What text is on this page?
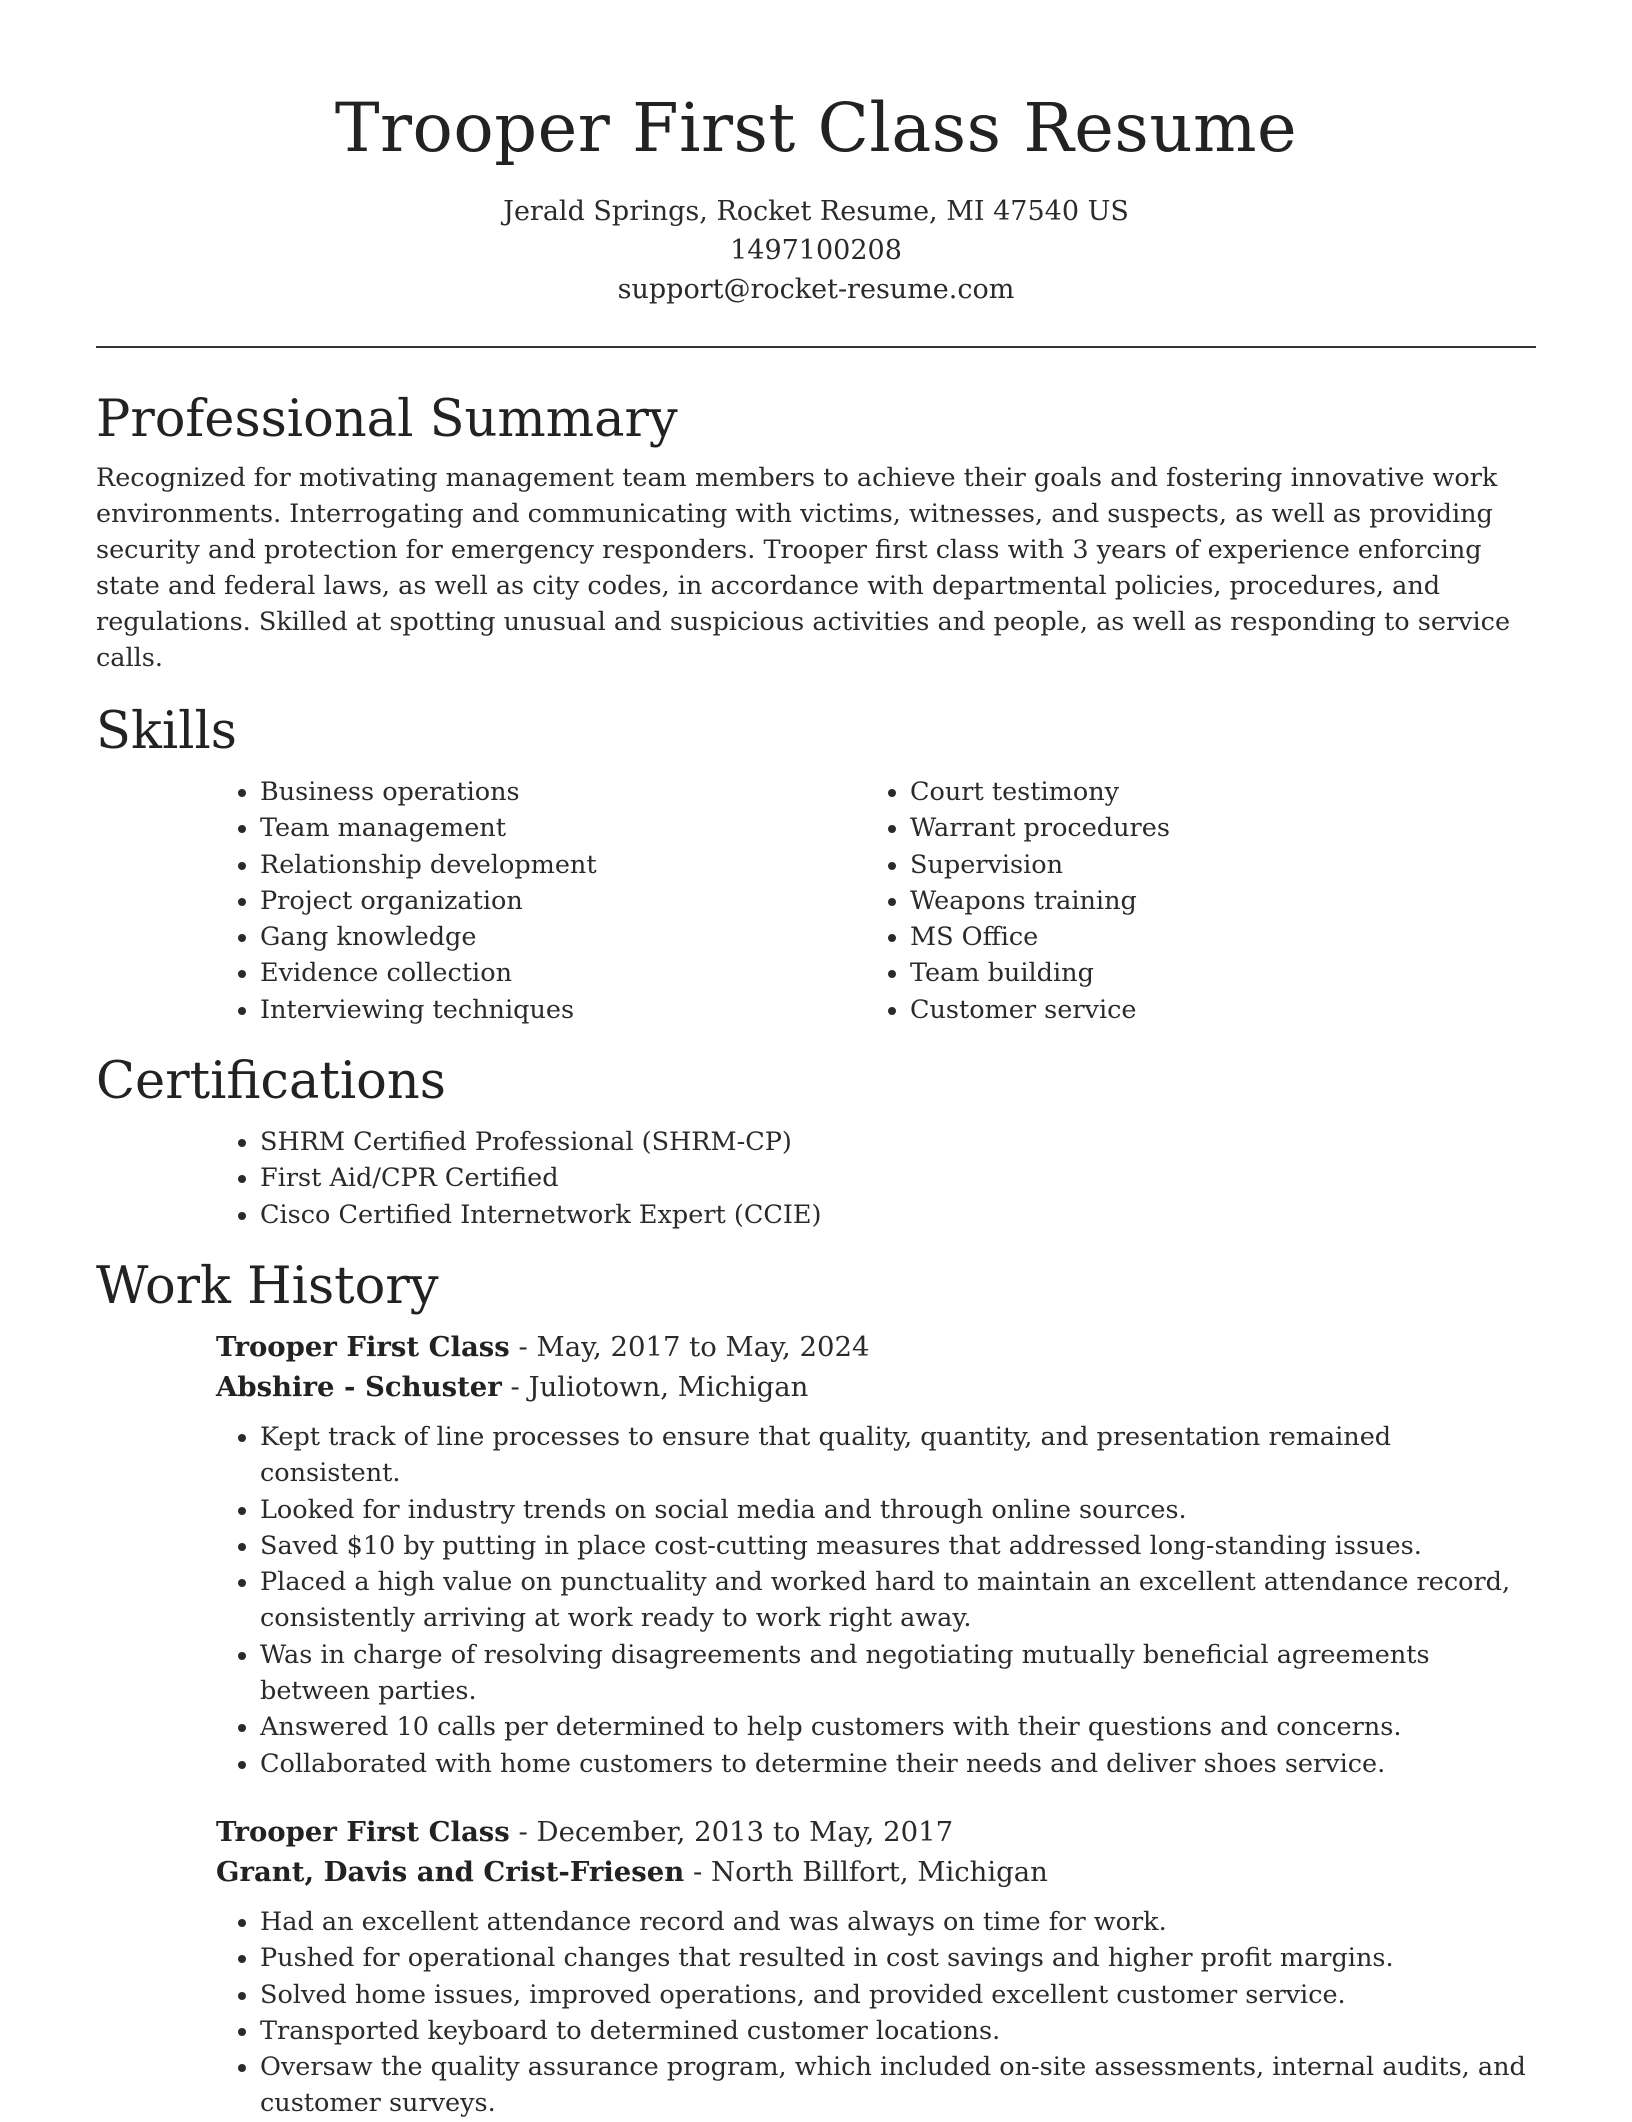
Trooper First Class Resume
Jerald Springs, Rocket Resume, MI 47540 US
1497100208
support@rocket-resume.com
Professional Summary

Recognized for motivating management team members to achieve their goals and fostering innovative work environments. Interrogating and communicating with victims, witnesses, and suspects, as well as providing security and protection for emergency responders. Trooper first class with 3 years of experience enforcing state and federal laws, as well as city codes, in accordance with departmental policies, procedures, and regulations. Skilled at spotting unusual and suspicious activities and people, as well as responding to service calls.

Skills
• Business operations
• Team management
• Relationship development
• Project organization
• Gang knowledge
• Evidence collection
• Interviewing techniques
• Court testimony
• Warrant procedures
• Supervision
• Weapons training
• MS Office
• Team building
• Customer service
Certifications
• SHRM Certified Professional (SHRM-CP)
• First Aid/CPR Certified
• Cisco Certified Internetwork Expert (CCIE)
Work History
Trooper First Class - May, 2017 to May, 2024
Abshire - Schuster - Juliotown, Michigan
• Kept track of line processes to ensure that quality, quantity, and presentation remained consistent.
• Looked for industry trends on social media and through online sources.
• Saved $10 by putting in place cost-cutting measures that addressed long-standing issues.
• Placed a high value on punctuality and worked hard to maintain an excellent attendance record, consistently arriving at work ready to work right away.
• Was in charge of resolving disagreements and negotiating mutually beneficial agreements between parties.
• Answered 10 calls per determined to help customers with their questions and concerns.
• Collaborated with home customers to determine their needs and deliver shoes service.
Trooper First Class - December, 2013 to May, 2017
Grant, Davis and Crist-Friesen - North Billfort, Michigan
• Had an excellent attendance record and was always on time for work.
• Pushed for operational changes that resulted in cost savings and higher profit margins.
• Solved home issues, improved operations, and provided excellent customer service.
• Transported keyboard to determined customer locations.
• Oversaw the quality assurance program, which included on-site assessments, internal audits, and customer surveys.
